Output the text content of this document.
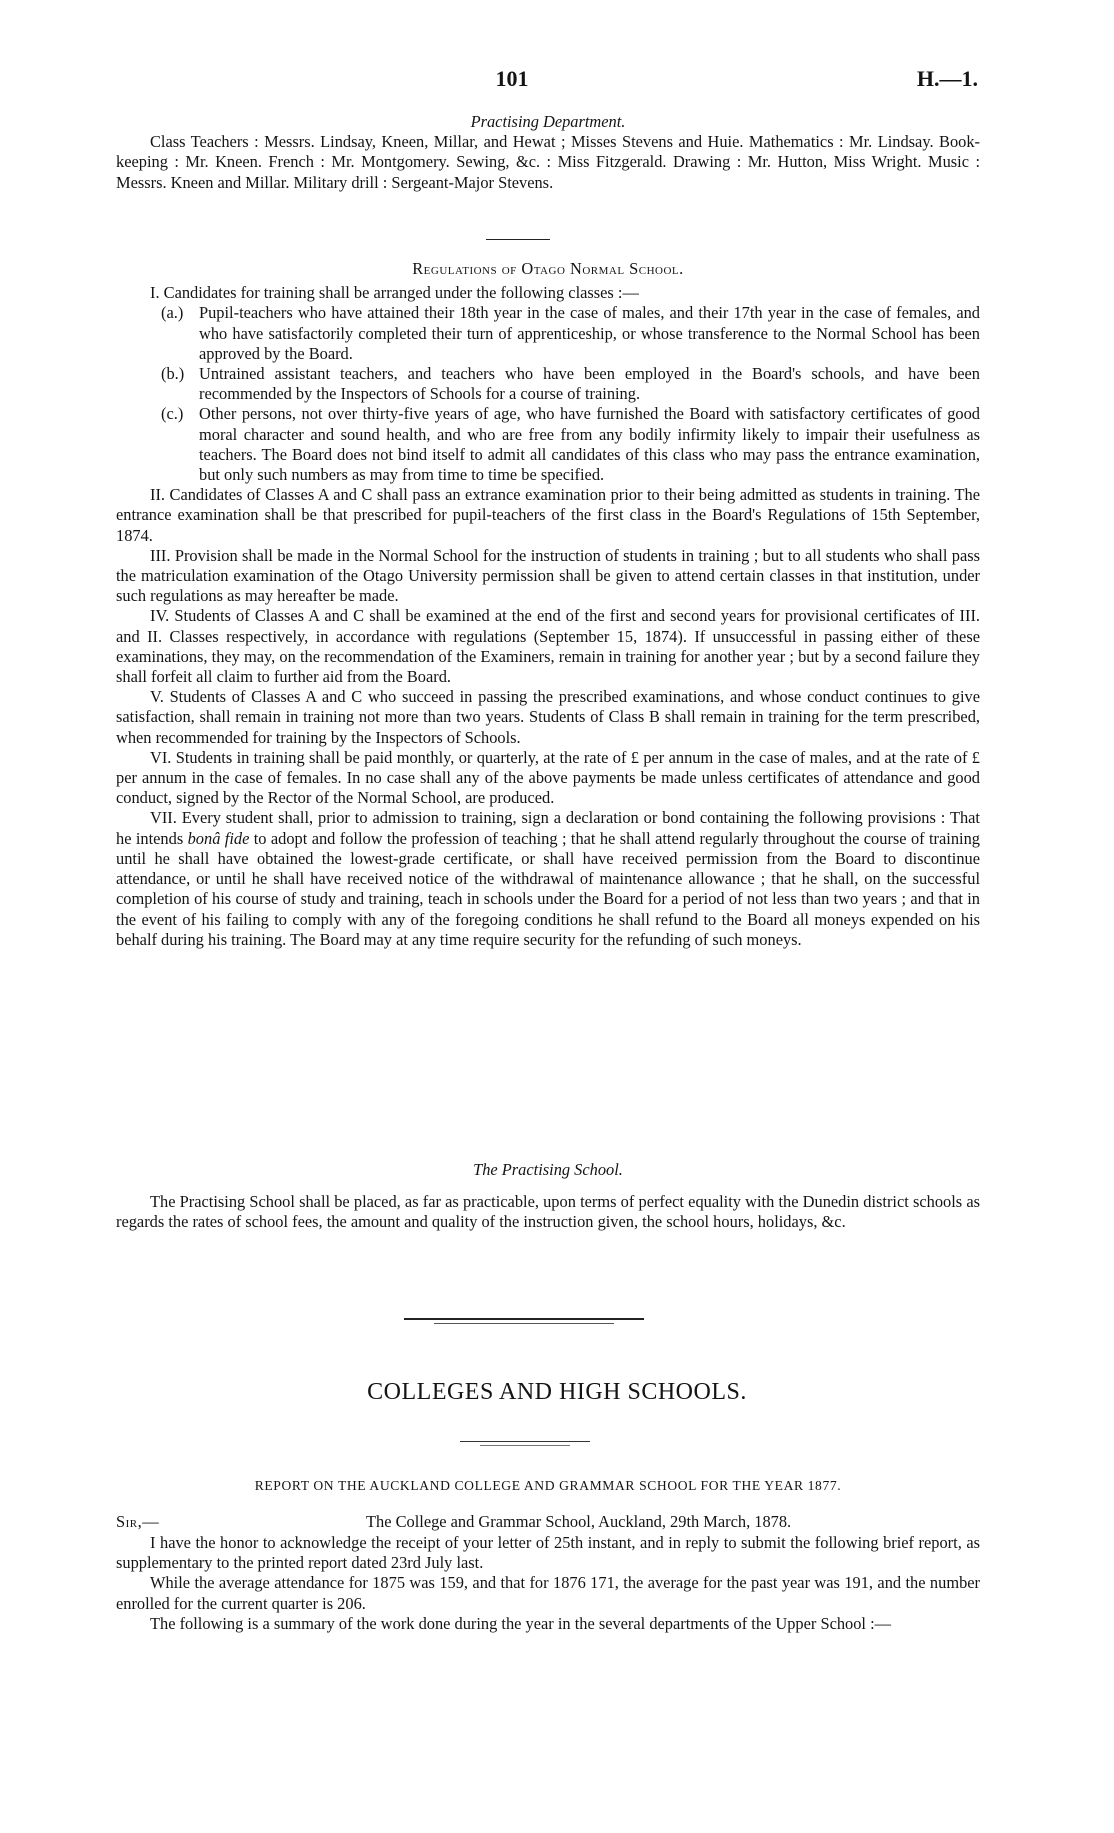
101	H.—1.

Practising Department.

Class Teachers : Messrs. Lindsay, Kneen, Millar, and Hewat ; Misses Stevens and Huie. Mathematics : Mr. Lindsay. Book-keeping : Mr. Kneen. French : Mr. Montgomery. Sewing, &c. : Miss Fitzgerald. Drawing : Mr. Hutton, Miss Wright. Music : Messrs. Kneen and Millar. Military drill : Sergeant-Major Stevens.

Regulations of Otago Normal School.

I. Candidates for training shall be arranged under the following classes :—

(a.) Pupil-teachers who have attained their 18th year in the case of males, and their 17th year in the case of females, and who have satisfactorily completed their turn of apprenticeship, or whose transference to the Normal School has been approved by the Board.
(b.) Untrained assistant teachers, and teachers who have been employed in the Board's schools, and have been recommended by the Inspectors of Schools for a course of training.
(c.) Other persons, not over thirty-five years of age, who have furnished the Board with satisfactory certificates of good moral character and sound health, and who are free from any bodily infirmity likely to impair their usefulness as teachers. The Board does not bind itself to admit all candidates of this class who may pass the entrance examination, but only such numbers as may from time to time be specified.

II. Candidates of Classes A and C shall pass an extrance examination prior to their being admitted as students in training. The entrance examination shall be that prescribed for pupil-teachers of the first class in the Board's Regulations of 15th September, 1874.

III. Provision shall be made in the Normal School for the instruction of students in training ; but to all students who shall pass the matriculation examination of the Otago University permission shall be given to attend certain classes in that institution, under such regulations as may hereafter be made.

IV. Students of Classes A and C shall be examined at the end of the first and second years for provisional certificates of III. and II. Classes respectively, in accordance with regulations (September 15, 1874). If unsuccessful in passing either of these examinations, they may, on the recommendation of the Examiners, remain in training for another year ; but by a second failure they shall forfeit all claim to further aid from the Board.

V. Students of Classes A and C who succeed in passing the prescribed examinations, and whose conduct continues to give satisfaction, shall remain in training not more than two years. Students of Class B shall remain in training for the term prescribed, when recommended for training by the Inspectors of Schools.

VI. Students in training shall be paid monthly, or quarterly, at the rate of £ per annum in the case of males, and at the rate of £ per annum in the case of females. In no case shall any of the above payments be made unless certificates of attendance and good conduct, signed by the Rector of the Normal School, are produced.

VII. Every student shall, prior to admission to training, sign a declaration or bond containing the following provisions : That he intends bonâ fide to adopt and follow the profession of teaching ; that he shall attend regularly throughout the course of training until he shall have obtained the lowest-grade certificate, or shall have received permission from the Board to discontinue attendance, or until he shall have received notice of the withdrawal of maintenance allowance ; that he shall, on the successful completion of his course of study and training, teach in schools under the Board for a period of not less than two years ; and that in the event of his failing to comply with any of the foregoing conditions he shall refund to the Board all moneys expended on his behalf during his training. The Board may at any time require security for the refunding of such moneys.

The Practising School.

The Practising School shall be placed, as far as practicable, upon terms of perfect equality with the Dunedin district schools as regards the rates of school fees, the amount and quality of the instruction given, the school hours, holidays, &c.

COLLEGES AND HIGH SCHOOLS.
REPORT ON THE AUCKLAND COLLEGE AND GRAMMAR SCHOOL FOR THE YEAR 1877.
Sir,—	The College and Grammar School, Auckland, 29th March, 1878.

I have the honor to acknowledge the receipt of your letter of 25th instant, and in reply to submit the following brief report, as supplementary to the printed report dated 23rd July last.

While the average attendance for 1875 was 159, and that for 1876 171, the average for the past year was 191, and the number enrolled for the current quarter is 206.

The following is a summary of the work done during the year in the several departments of the Upper School :—
